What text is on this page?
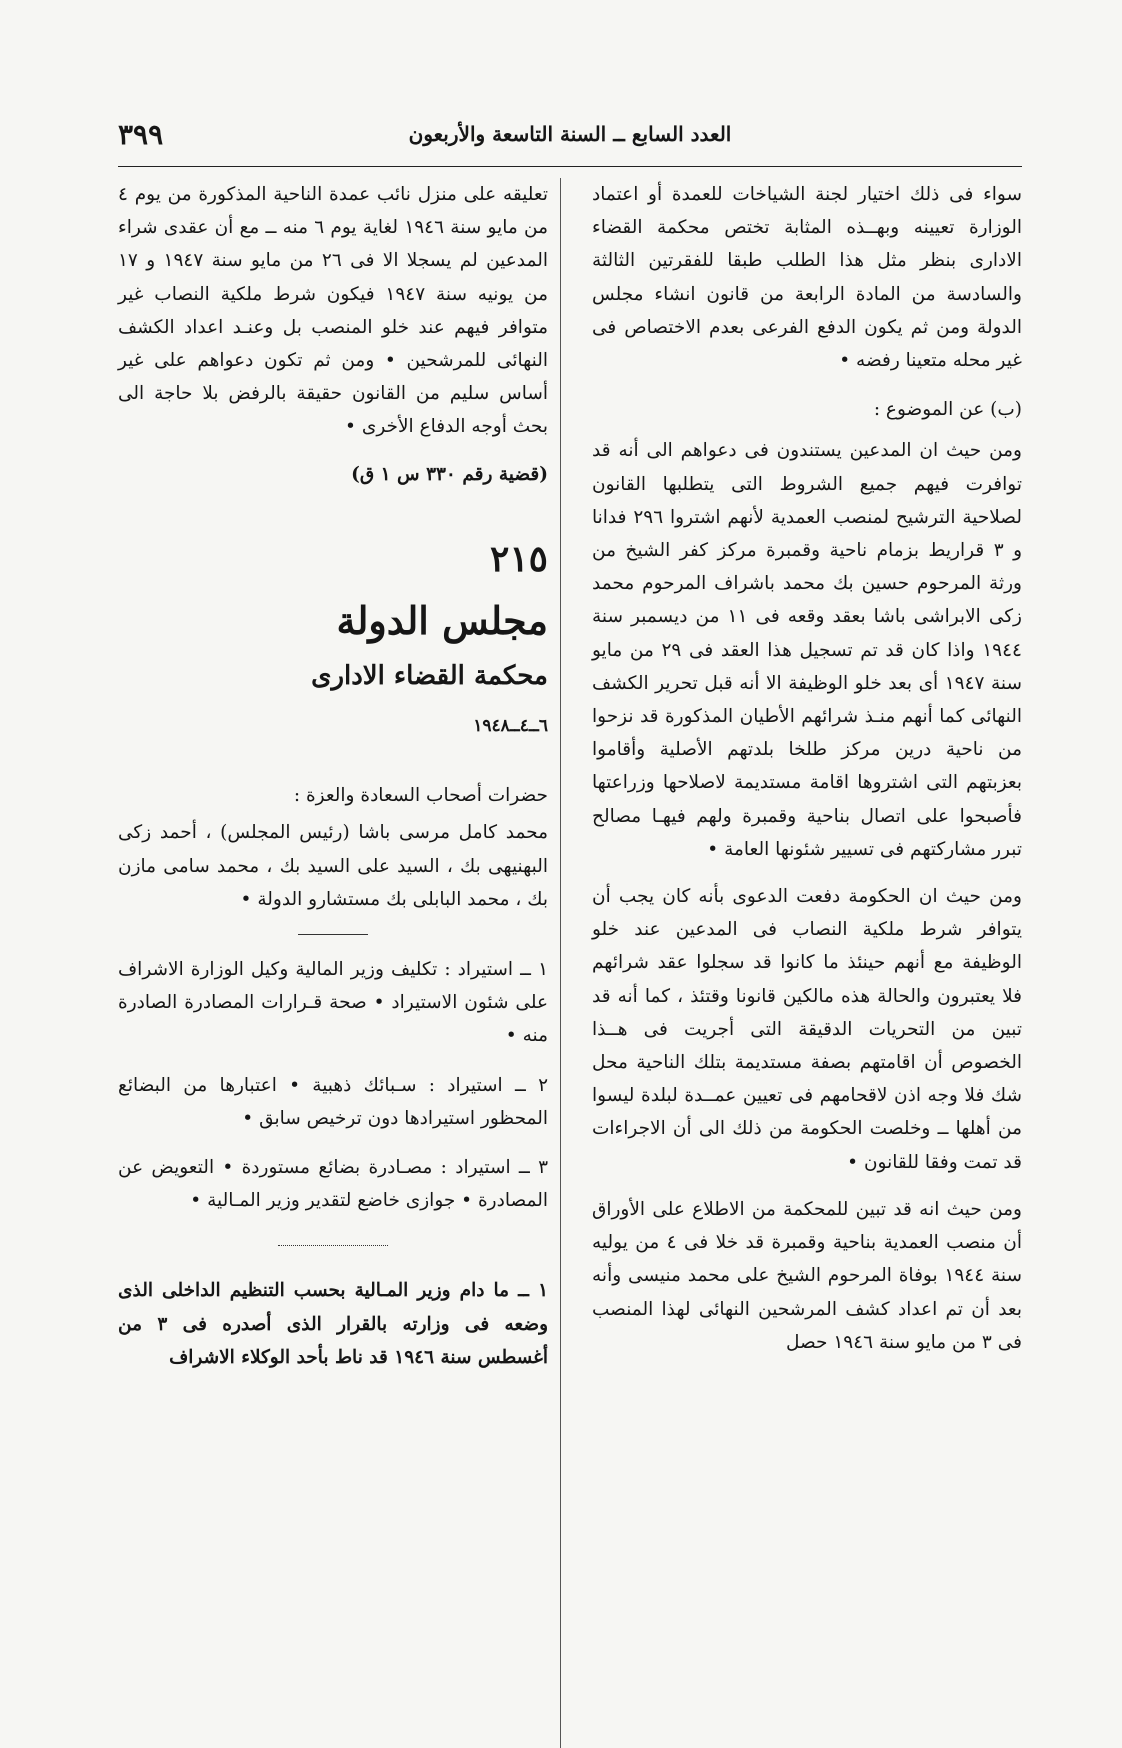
٣٩٩	العدد السابع ــ السنة التاسعة والأربعون

سواء فى ذلك اختيار لجنة الشياخات للعمدة أو اعتماد الوزارة تعيينه وبهــذه المثابة تختص محكمة القضاء الادارى بنظر مثل هذا الطلب طبقا للفقرتين الثالثة والسادسة من المادة الرابعة من قانون انشاء مجلس الدولة ومن ثم يكون الدفع الفرعى بعدم الاختصاص فى غير محله متعينا رفضه •

(ب) عن الموضوع :

ومن حيث ان المدعين يستندون فى دعواهم الى أنه قد توافرت فيهم جميع الشروط التى يتطلبها القانون لصلاحية الترشيح لمنصب العمدية لأنهم اشتروا ٢٩٦ فدانا و ٣ قراريط بزمام ناحية وقمبرة مركز كفر الشيخ من ورثة المرحوم حسين بك محمد باشراف المرحوم محمد زكى الابراشى باشا بعقد وقعه فى ١١ من ديسمبر سنة ١٩٤٤ واذا كان قد تم تسجيل هذا العقد فى ٢٩ من مايو سنة ١٩٤٧ أى بعد خلو الوظيفة الا أنه قبل تحرير الكشف النهائى كما أنهم منـذ شرائهم الأطيان المذكورة قد نزحوا من ناحية درين مركز طلخا بلدتهم الأصلية وأقاموا بعزبتهم التى اشتروها اقامة مستديمة لاصلاحها وزراعتها فأصبحوا على اتصال بناحية وقمبرة ولهم فيهـا مصالح تبرر مشاركتهم فى تسيير شئونها العامة •

ومن حيث ان الحكومة دفعت الدعوى بأنه كان يجب أن يتوافر شرط ملكية النصاب فى المدعين عند خلو الوظيفة مع أنهم حينئذ ما كانوا قد سجلوا عقد شرائهم فلا يعتبرون والحالة هذه مالكين قانونا وقتئذ ، كما أنه قد تبين من التحريات الدقيقة التى أجريت فى هــذا الخصوص أن اقامتهم بصفة مستديمة بتلك الناحية محل شك فلا وجه اذن لاقحامهم فى تعيين عمــدة لبلدة ليسوا من أهلها ــ وخلصت الحكومة من ذلك الى أن الاجراءات قد تمت وفقا للقانون •

ومن حيث انه قد تبين للمحكمة من الاطلاع على الأوراق أن منصب العمدية بناحية وقمبرة قد خلا فى ٤ من يوليه سنة ١٩٤٤ بوفاة المرحوم الشيخ على محمد منيسى وأنه بعد أن تم اعداد كشف المرشحين النهائى لهذا المنصب فى ٣ من مايو سنة ١٩٤٦ حصل

تعليقه على منزل نائب عمدة الناحية المذكورة من يوم ٤ من مايو سنة ١٩٤٦ لغاية يوم ٦ منه ــ مع أن عقدى شراء المدعين لم يسجلا الا فى ٢٦ من مايو سنة ١٩٤٧ و ١٧ من يونيه سنة ١٩٤٧ فيكون شرط ملكية النصاب غير متوافر فيهم عند خلو المنصب بل وعنـد اعداد الكشف النهائى للمرشحين • ومن ثم تكون دعواهم على غير أساس سليم من القانون حقيقة بالرفض بلا حاجة الى بحث أوجه الدفاع الأخرى •

(قضية رقم ٣٣٠ س ١ ق)

٢١٥
مجلس الدولة
محكمة القضاء الادارى
٦ــ٤ــ١٩٤٨

حضرات أصحاب السعادة والعزة :

محمد كامل مرسى باشا (رئيس المجلس) ، أحمد زكى البهنيهى بك ، السيد على السيد بك ، محمد سامى مازن بك ، محمد البابلى بك مستشارو الدولة •

١ ــ استيراد : تكليف وزير المالية وكيل الوزارة الاشراف على شئون الاستيراد • صحة قـرارات المصادرة الصادرة منه •

٢ ــ استيراد : سـبائك ذهبية • اعتبارها من البضائع المحظور استيرادها دون ترخيص سابق •

٣ ــ استيراد : مصـادرة بضائع مستوردة • التعويض عن المصادرة • جوازى خاضع لتقدير وزير المـالية •

١ ــ ما دام وزير المـالية بحسب التنظيم الداخلى الذى وضعه فى وزارته بالقرار الذى أصدره فى ٣ من أغسطس سنة ١٩٤٦ قد ناط بأحد الوكلاء الاشراف
